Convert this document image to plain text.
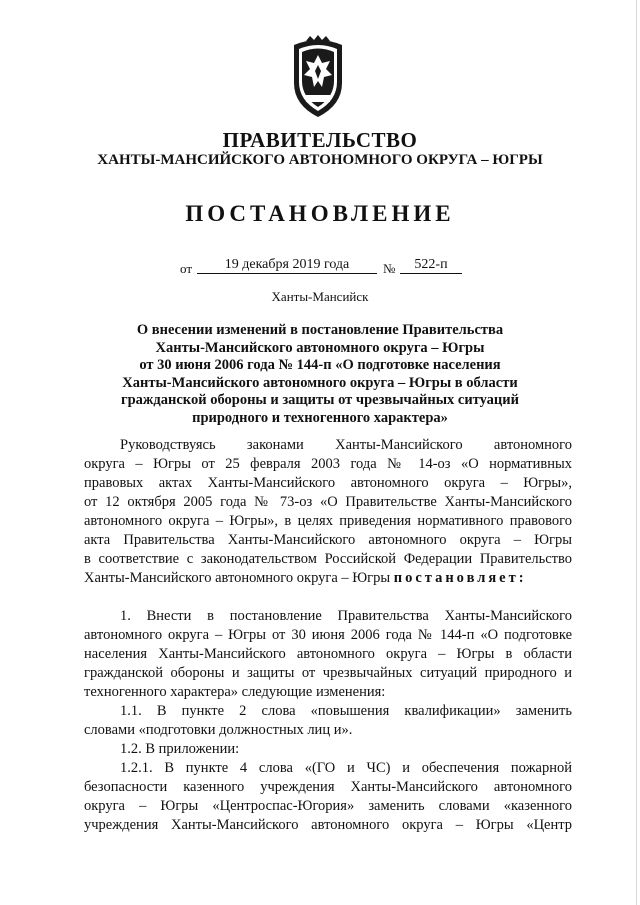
ПРАВИТЕЛЬСТВО
ХАНТЫ-МАНСИЙСКОГО АВТОНОМНОГО ОКРУГА – ЮГРЫ
ПОСТАНОВЛЕНИЕ
от	19 декабря 2019 года	№	522-п
Ханты-Мансийск
О внесении изменений в постановление Правительства
Ханты-Мансийского автономного округа – Югры
от 30 июня 2006 года № 144-п «О подготовке населения
Ханты-Мансийского автономного округа – Югры в области
гражданской обороны и защиты от чрезвычайных ситуаций
природного и техногенного характера»
Руководствуясь законами Ханты-Мансийского автономного
округа – Югры от 25 февраля 2003 года № 14-оз «О нормативных
правовых актах Ханты-Мансийского автономного округа – Югры»,
от 12 октября 2005 года № 73-оз «О Правительстве Ханты-Мансийского
автономного округа – Югры», в целях приведения нормативного правового
акта Правительства Ханты-Мансийского автономного округа – Югры
в соответствие с законодательством Российской Федерации Правительство
Ханты-Мансийского автономного округа – Югры постановляет:
1. Внести в постановление Правительства Ханты-Мансийского
автономного округа – Югры от 30 июня 2006 года № 144-п «О подготовке
населения Ханты-Мансийского автономного округа – Югры в области
гражданской обороны и защиты от чрезвычайных ситуаций природного и
техногенного характера» следующие изменения:
1.1. В пункте 2 слова «повышения квалификации» заменить
словами «подготовки должностных лиц и».
1.2. В приложении:
1.2.1. В пункте 4 слова «(ГО и ЧС) и обеспечения пожарной
безопасности казенного учреждения Ханты-Мансийского автономного
округа – Югры «Центроспас-Югория» заменить словами «казенного
учреждения Ханты-Мансийского автономного округа – Югры «Центр
